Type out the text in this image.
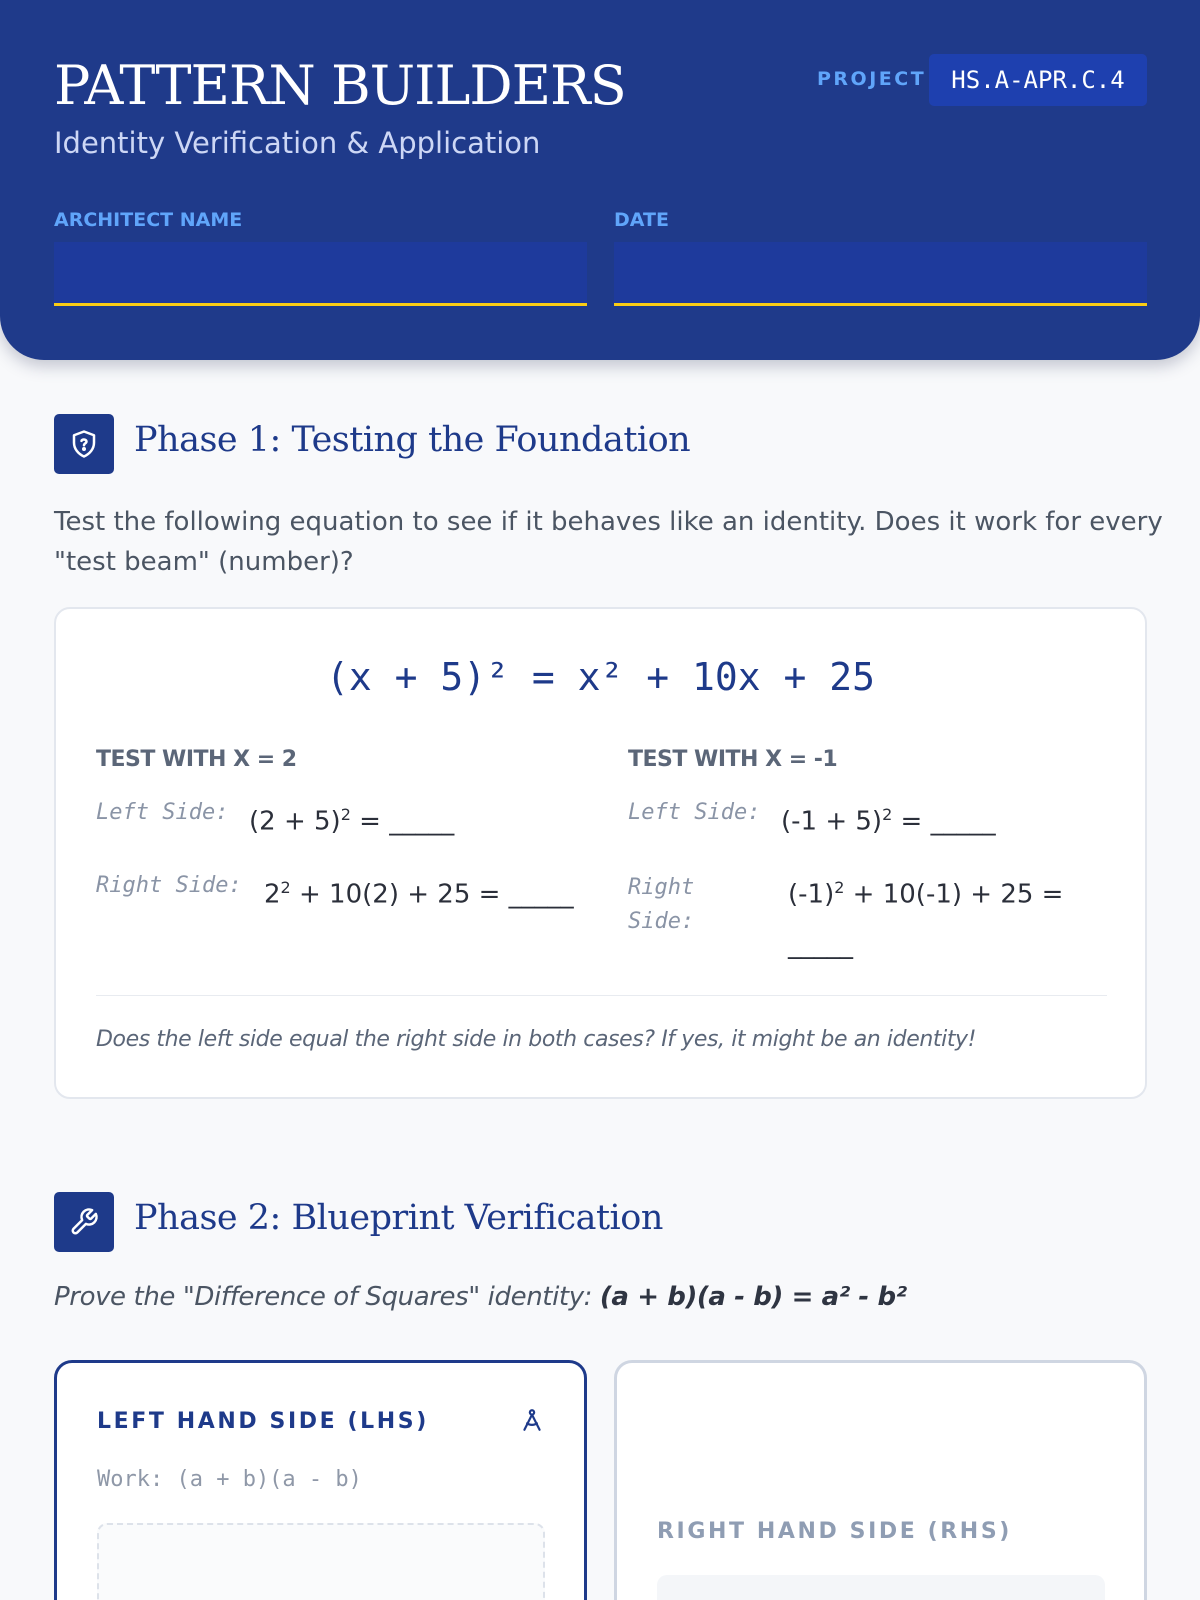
PATTERN BUILDERS
Identity Verification & Application
PROJECT	HS.A-APR.C.4
ARCHITECT NAME	DATE
Phase 1: Testing the Foundation
Test the following equation to see if it behaves like an identity. Does it work for every
"test beam" (number)?
(x + 5)² = x² + 10x + 25
TEST WITH X = 2
Left Side: $(2 + 5)^2$ = _____
Right Side: $2^2 + 10(2) + 25$ = _____
TEST WITH X = -1
Left Side: $(-1 + 5)^2$ = _____
Right
Side:
$(-1)^2 + 10(-1) + 25$ =
_____
Does the left side equal the right side in both cases? If yes, it might be an identity!
Phase 2: Blueprint Verification
Prove the "Difference of Squares" identity: (a + b)(a - b) = a² - b²
LEFT HAND SIDE (LHS)
Work: (a + b)(a - b)
RIGHT HAND SIDE (RHS)
